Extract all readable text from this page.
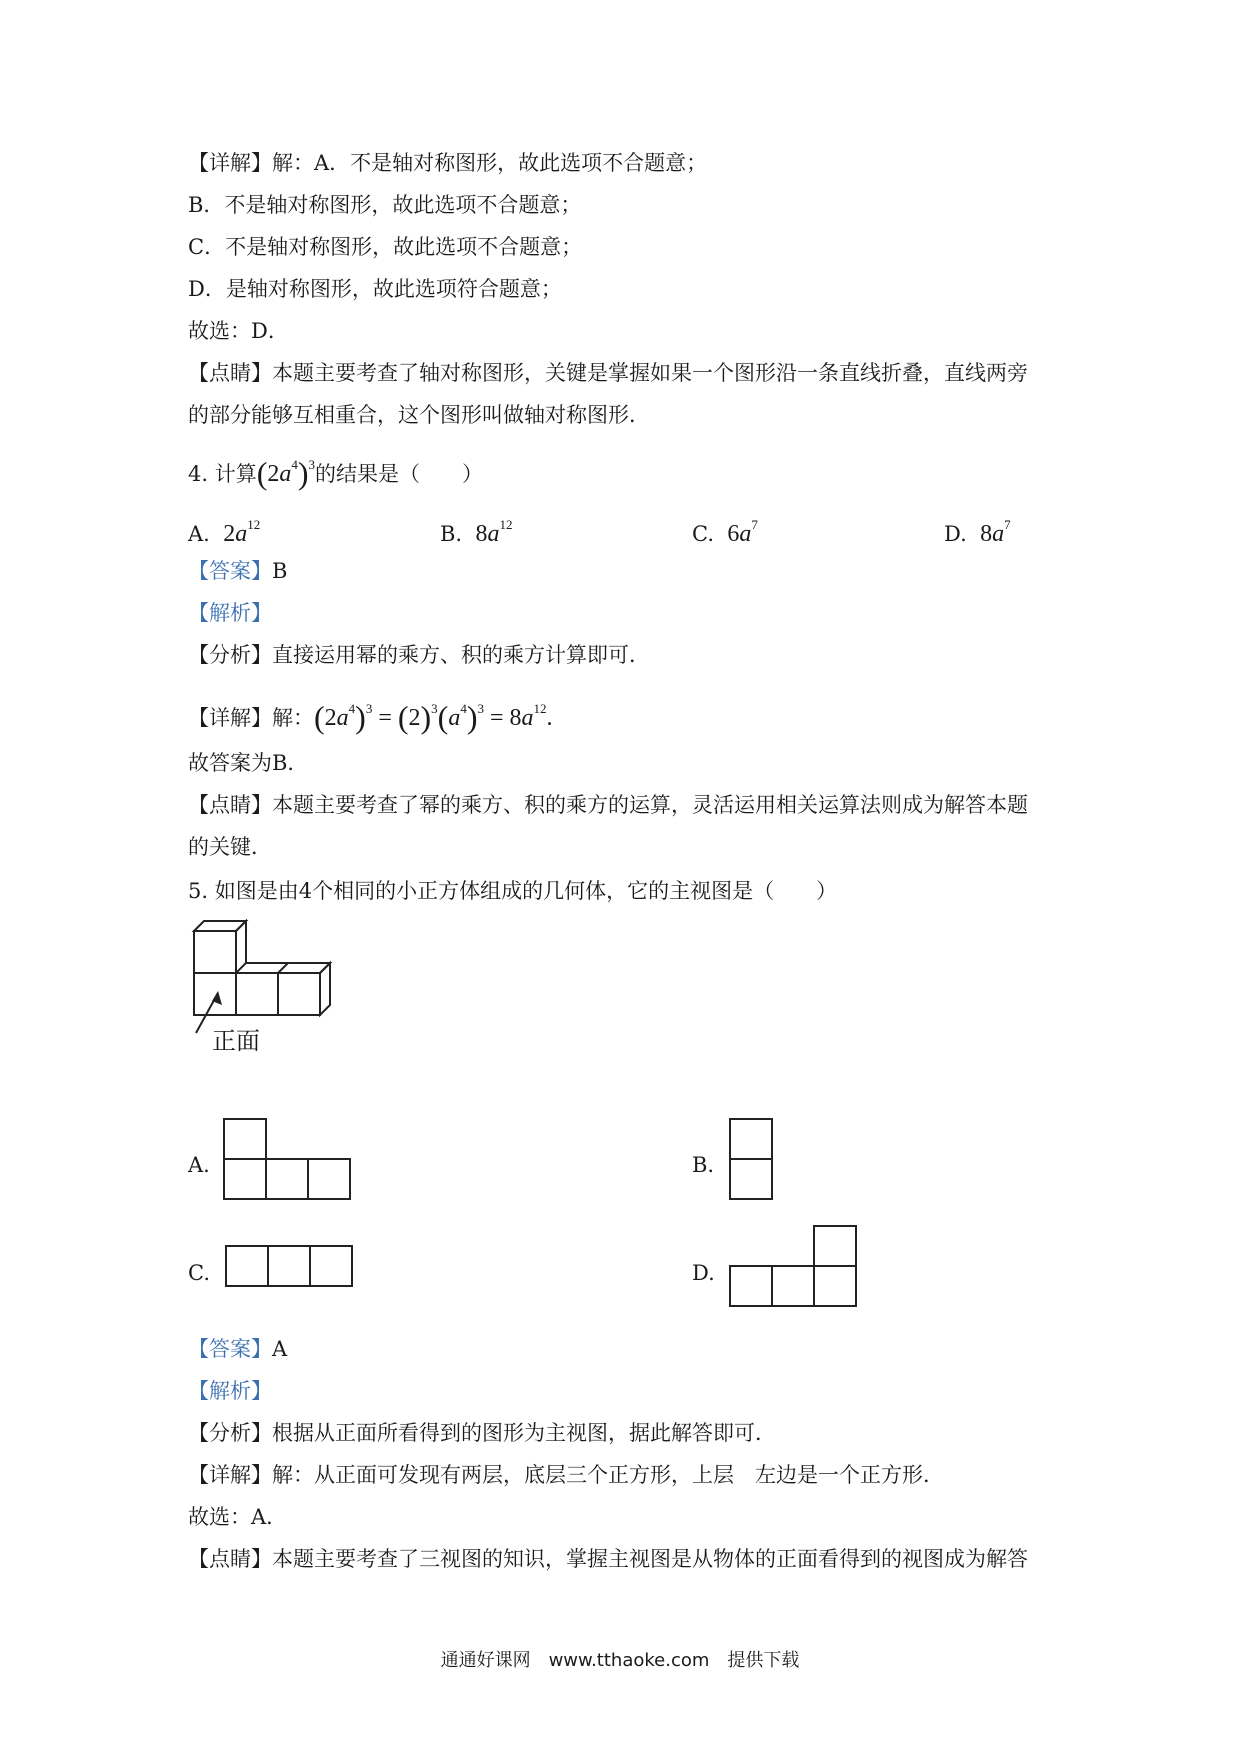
【详解】解：A．不是轴对称图形，故此选项不合题意；
B．不是轴对称图形，故此选项不合题意；
C．不是轴对称图形，故此选项不合题意；
D．是轴对称图形，故此选项符合题意；
故选：D．
【点睛】本题主要考查了轴对称图形，关键是掌握如果一个图形沿一条直线折叠，直线两旁
的部分能够互相重合，这个图形叫做轴对称图形．
4. 计算$(2a^4)^3$的结果是（　　）
A. $2a^{12}$	B. $8a^{12}$	C. $6a^7$	D. $8a^7$
【答案】B
【解析】
【分析】直接运用幂的乘方、积的乘方计算即可．
【详解】解：$(2a^4)^3 = (2)^3(a^4)^3 = 8a^{12}$.
故答案为B．
【点睛】本题主要考查了幂的乘方、积的乘方的运算，灵活运用相关运算法则成为解答本题
的关键．
5. 如图是由4个相同的小正方体组成的几何体，它的主视图是（　　）
正面
A.	B.
C.	D.
【答案】A
【解析】
【分析】根据从正面所看得到的图形为主视图，据此解答即可．
【详解】解：从正面可发现有两层，底层三个正方形，上层　左边是一个正方形．
故选：A．
【点睛】本题主要考查了三视图的知识，掌握主视图是从物体的正面看得到的视图成为解答
通通好课网　www.tthaoke.com　提供下载
